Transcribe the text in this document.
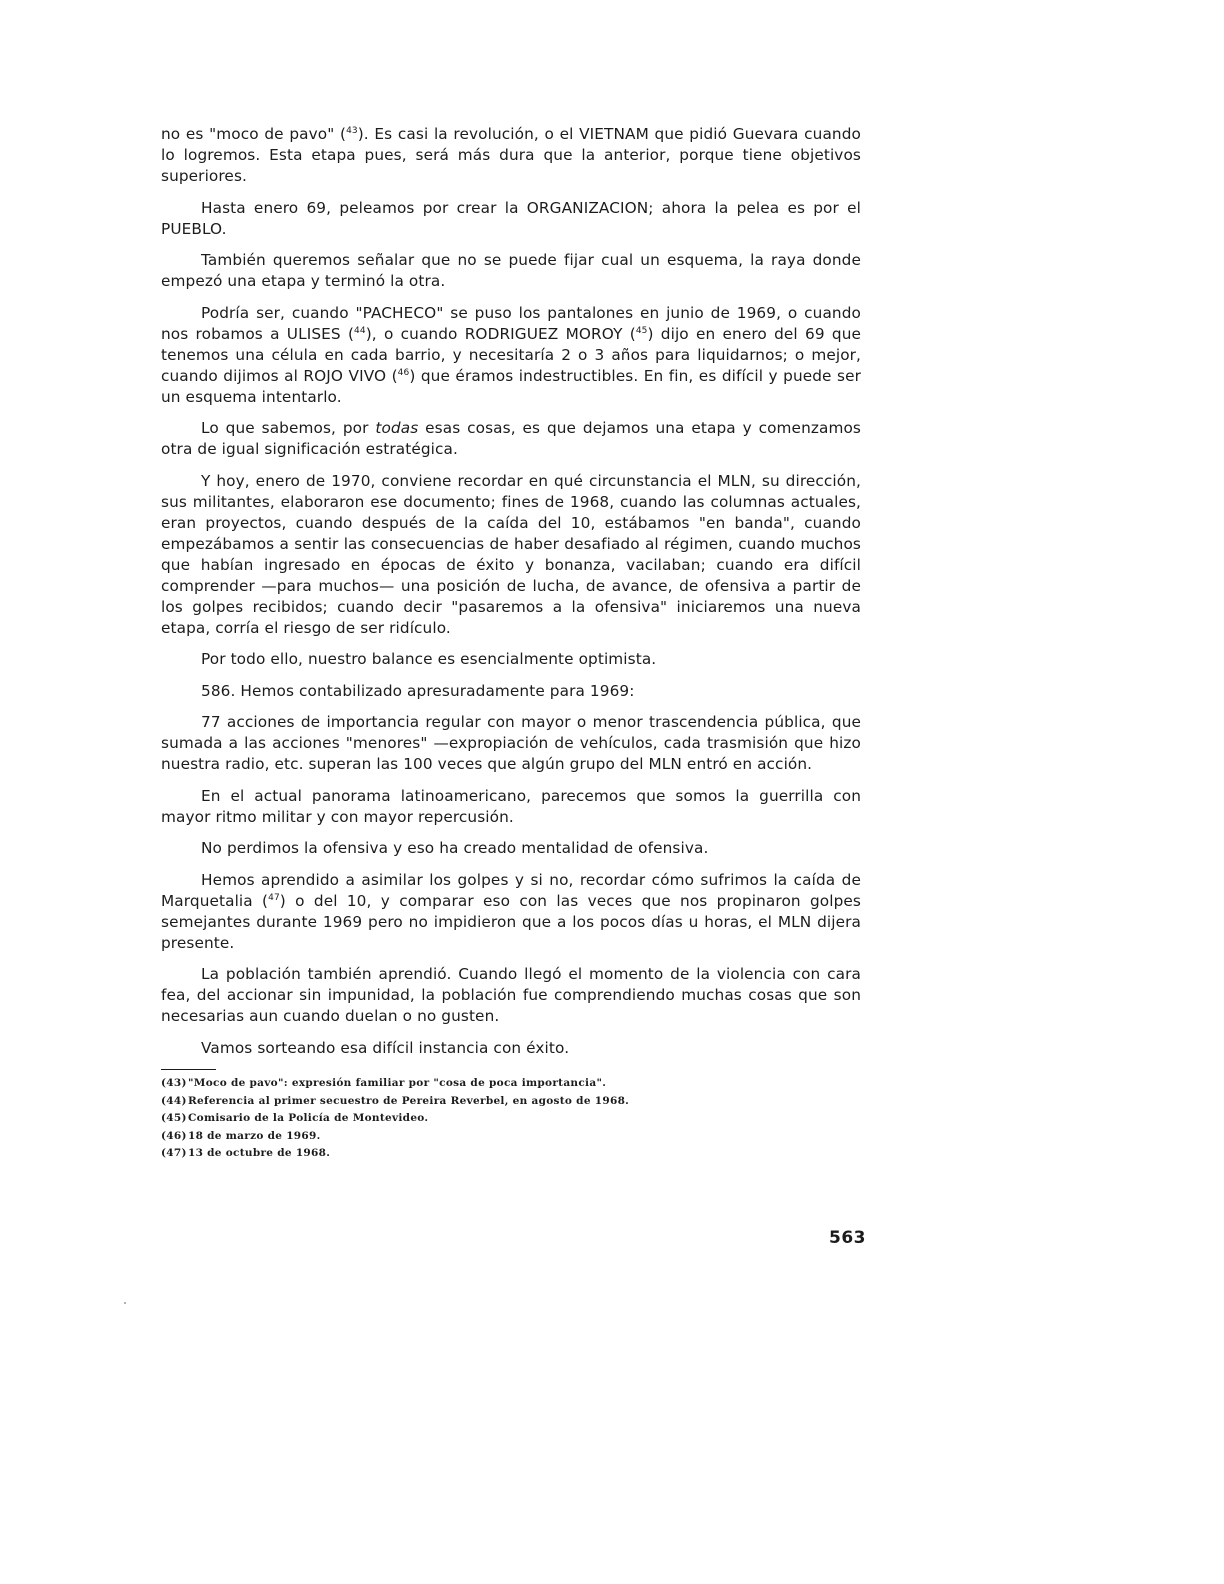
no es "moco de pavo" ($^{43}$). Es casi la revolución, o el VIETNAM que pidió Guevara cuando lo logremos. Esta etapa pues, será más dura que la anterior, porque tiene objetivos superiores.

Hasta enero 69, peleamos por crear la ORGANIZACION; ahora la pelea es por el PUEBLO.

También queremos señalar que no se puede fijar cual un esquema, la raya donde empezó una etapa y terminó la otra.

Podría ser, cuando "PACHECO" se puso los pantalones en junio de 1969, o cuando nos robamos a ULISES ($^{44}$), o cuando RODRIGUEZ MOROY ($^{45}$) dijo en enero del 69 que tenemos una célula en cada barrio, y necesitaría 2 o 3 años para liquidarnos; o mejor, cuando dijimos al ROJO VIVO ($^{46}$) que éramos indestructibles. En fin, es difícil y puede ser un esquema intentarlo.

Lo que sabemos, por todas esas cosas, es que dejamos una etapa y comenzamos otra de igual significación estratégica.

Y hoy, enero de 1970, conviene recordar en qué circunstancia el MLN, su dirección, sus militantes, elaboraron ese documento; fines de 1968, cuando las columnas actuales, eran proyectos, cuando después de la caída del 10, estábamos "en banda", cuando empezábamos a sentir las consecuencias de haber desafiado al régimen, cuando muchos que habían ingresado en épocas de éxito y bonanza, vacilaban; cuando era difícil comprender —para muchos— una posición de lucha, de avance, de ofensiva a partir de los golpes recibidos; cuando decir "pasaremos a la ofensiva" iniciaremos una nueva etapa, corría el riesgo de ser ridículo.

Por todo ello, nuestro balance es esencialmente optimista.

586. Hemos contabilizado apresuradamente para 1969:

77 acciones de importancia regular con mayor o menor trascendencia pública, que sumada a las acciones "menores" —expropiación de vehículos, cada trasmisión que hizo nuestra radio, etc. superan las 100 veces que algún grupo del MLN entró en acción.

En el actual panorama latinoamericano, parecemos que somos la guerrilla con mayor ritmo militar y con mayor repercusión.

No perdimos la ofensiva y eso ha creado mentalidad de ofensiva.

Hemos aprendido a asimilar los golpes y si no, recordar cómo sufrimos la caída de Marquetalia ($^{47}$) o del 10, y comparar eso con las veces que nos propinaron golpes semejantes durante 1969 pero no impidieron que a los pocos días u horas, el MLN dijera presente.

La población también aprendió. Cuando llegó el momento de la violencia con cara fea, del accionar sin impunidad, la población fue comprendiendo muchas cosas que son necesarias aun cuando duelan o no gusten.

Vamos sorteando esa difícil instancia con éxito.

(43)"Moco de pavo": expresión familiar por "cosa de poca importancia".
(44)Referencia al primer secuestro de Pereira Reverbel, en agosto de 1968.
(45)Comisario de la Policía de Montevideo.
(46)18 de marzo de 1969.
(47)13 de octubre de 1968.
563
